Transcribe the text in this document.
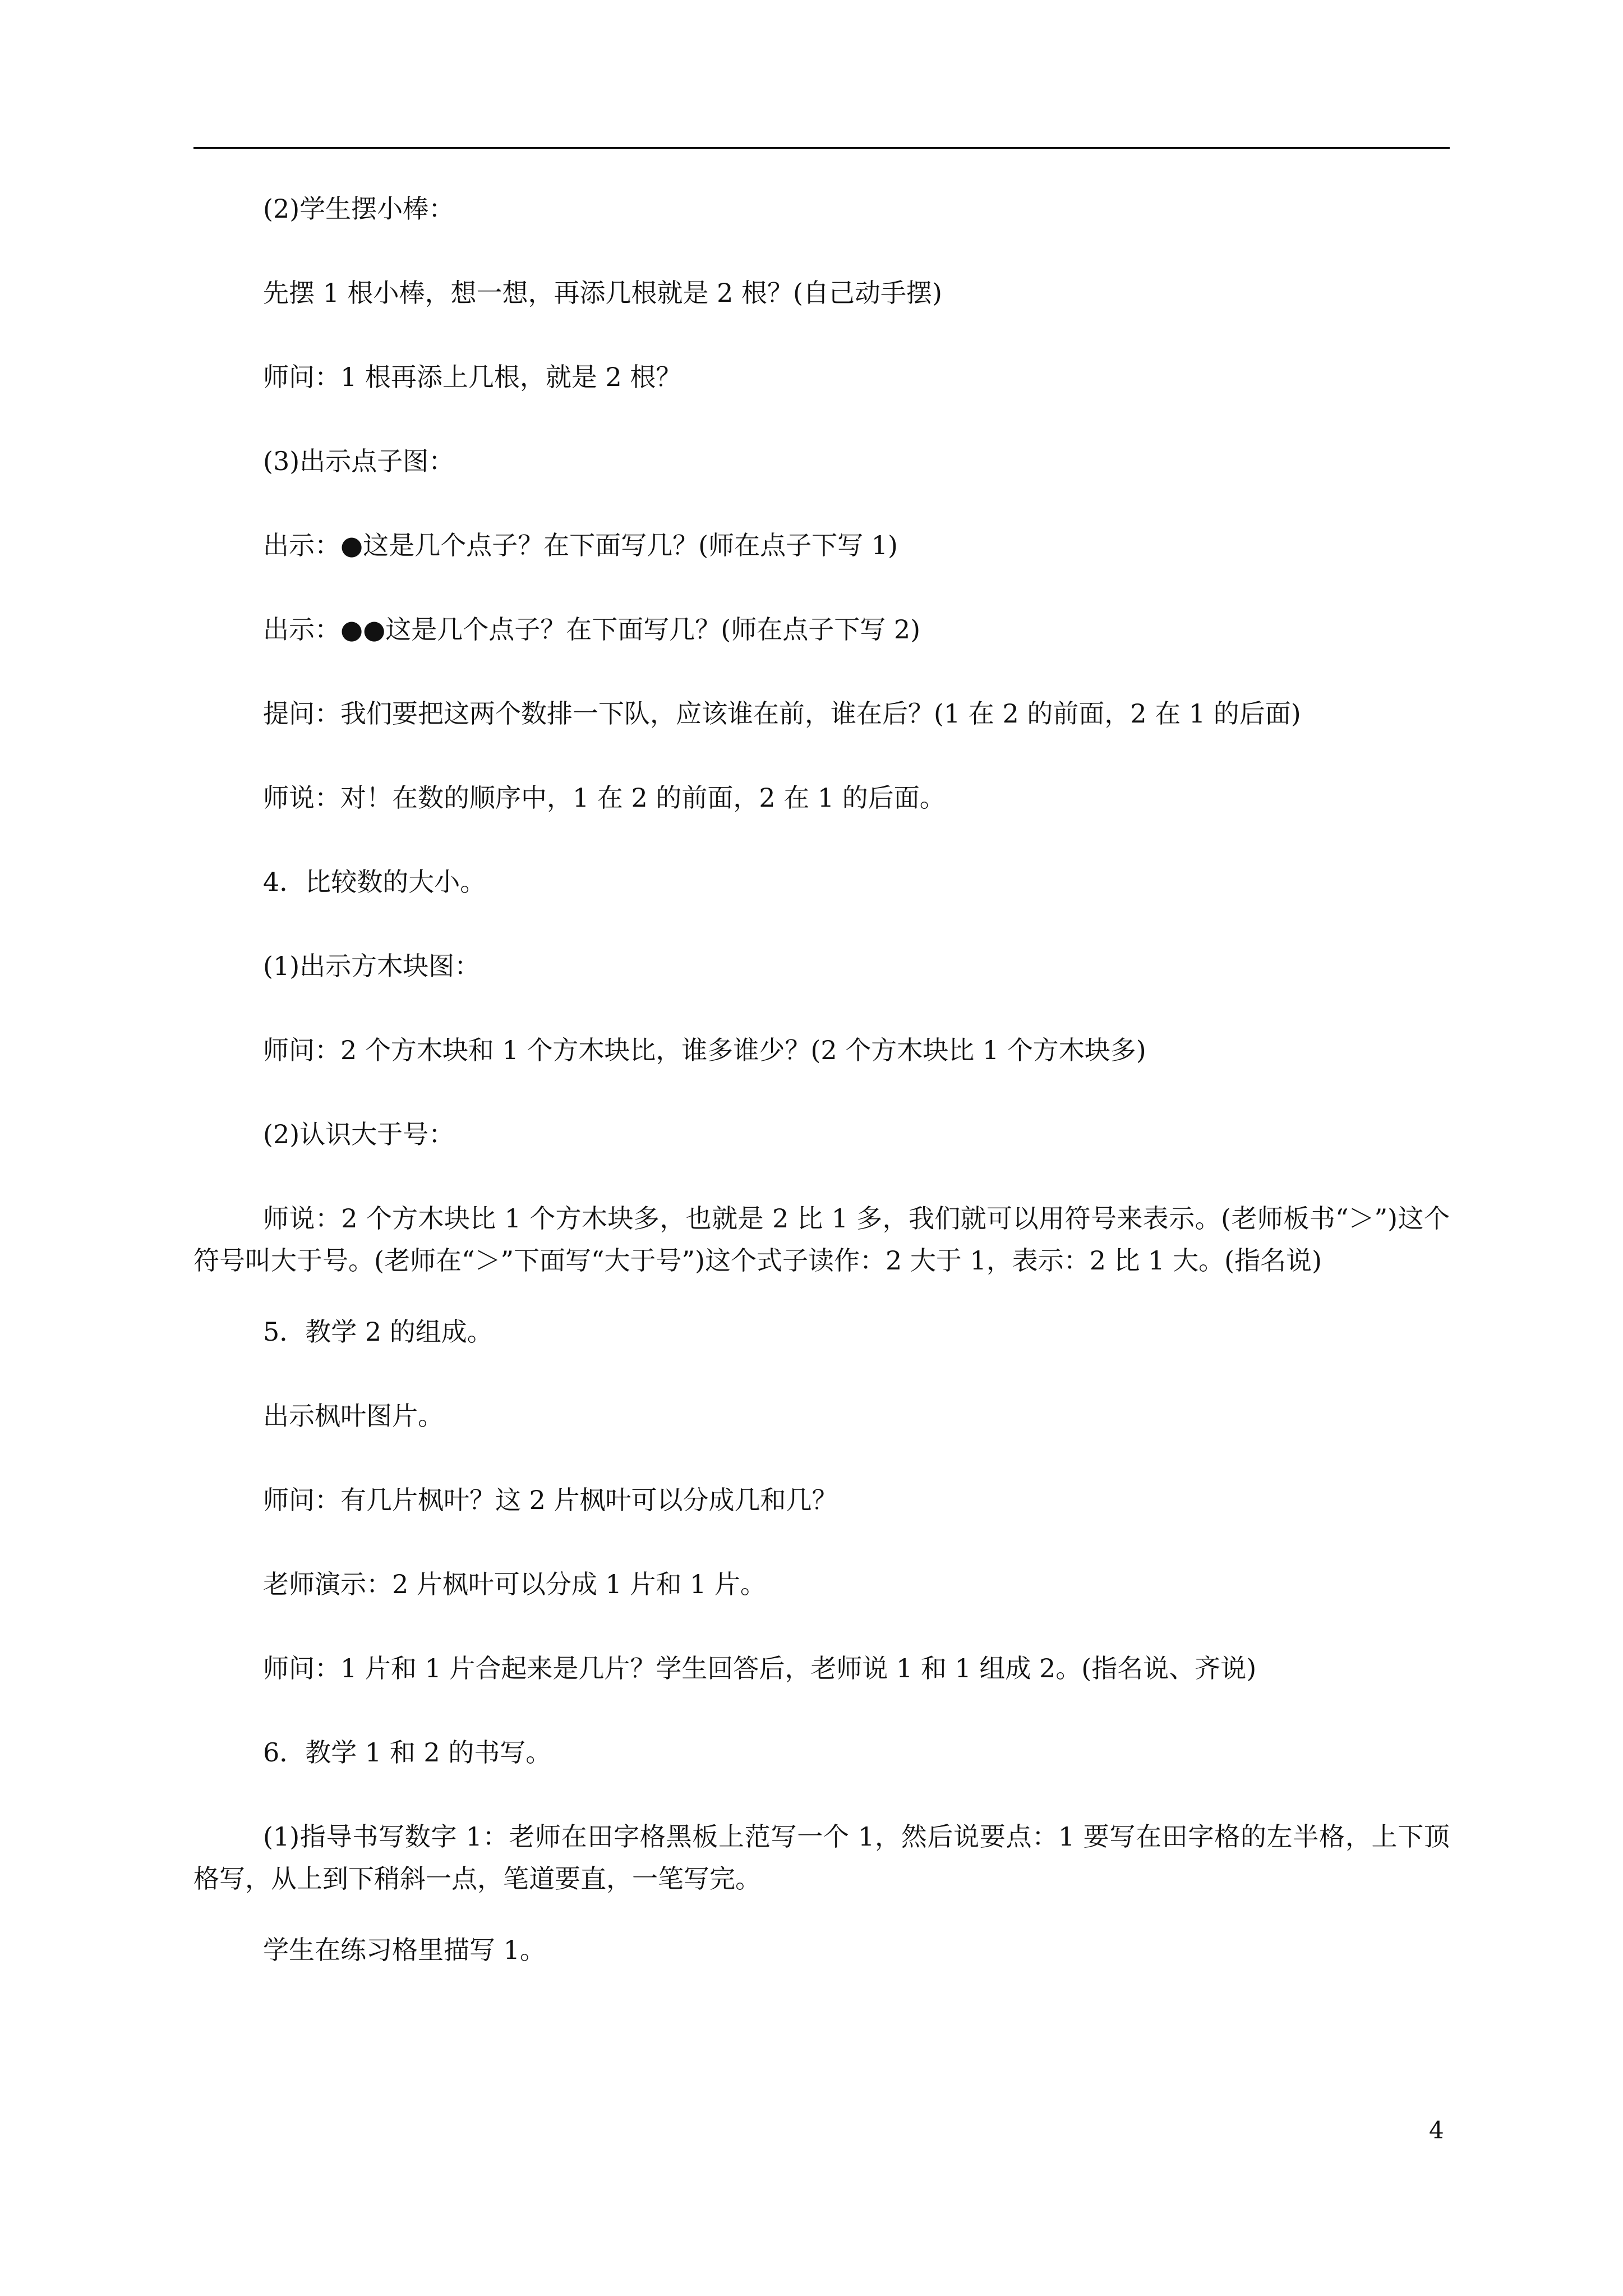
(2)学生摆小棒：

先摆 1 根小棒，想一想，再添几根就是 2 根？(自己动手摆)

师问：1 根再添上几根，就是 2 根？

(3)出示点子图：

出示：●这是几个点子？在下面写几？(师在点子下写 1)

出示：●●这是几个点子？在下面写几？(师在点子下写 2)

提问：我们要把这两个数排一下队，应该谁在前，谁在后？(1 在 2 的前面，2 在 1 的后面)

师说：对！在数的顺序中，1 在 2 的前面，2 在 1 的后面。

4．比较数的大小。

(1)出示方木块图：

师问：2 个方木块和 1 个方木块比，谁多谁少？(2 个方木块比 1 个方木块多)

(2)认识大于号：

师说：2 个方木块比 1 个方木块多，也就是 2 比 1 多，我们就可以用符号来表示。(老师板书“＞”)这个符号叫大于号。(老师在“＞”下面写“大于号”)这个式子读作：2 大于 1，表示：2 比 1 大。(指名说)

5．教学 2 的组成。

出示枫叶图片。

师问：有几片枫叶？这 2 片枫叶可以分成几和几？

老师演示：2 片枫叶可以分成 1 片和 1 片。

师问：1 片和 1 片合起来是几片？学生回答后，老师说 1 和 1 组成 2。(指名说、齐说)

6．教学 1 和 2 的书写。

(1)指导书写数字 1：老师在田字格黑板上范写一个 1，然后说要点：1 要写在田字格的左半格，上下顶格写，从上到下稍斜一点，笔道要直，一笔写完。

学生在练习格里描写 1。

4
